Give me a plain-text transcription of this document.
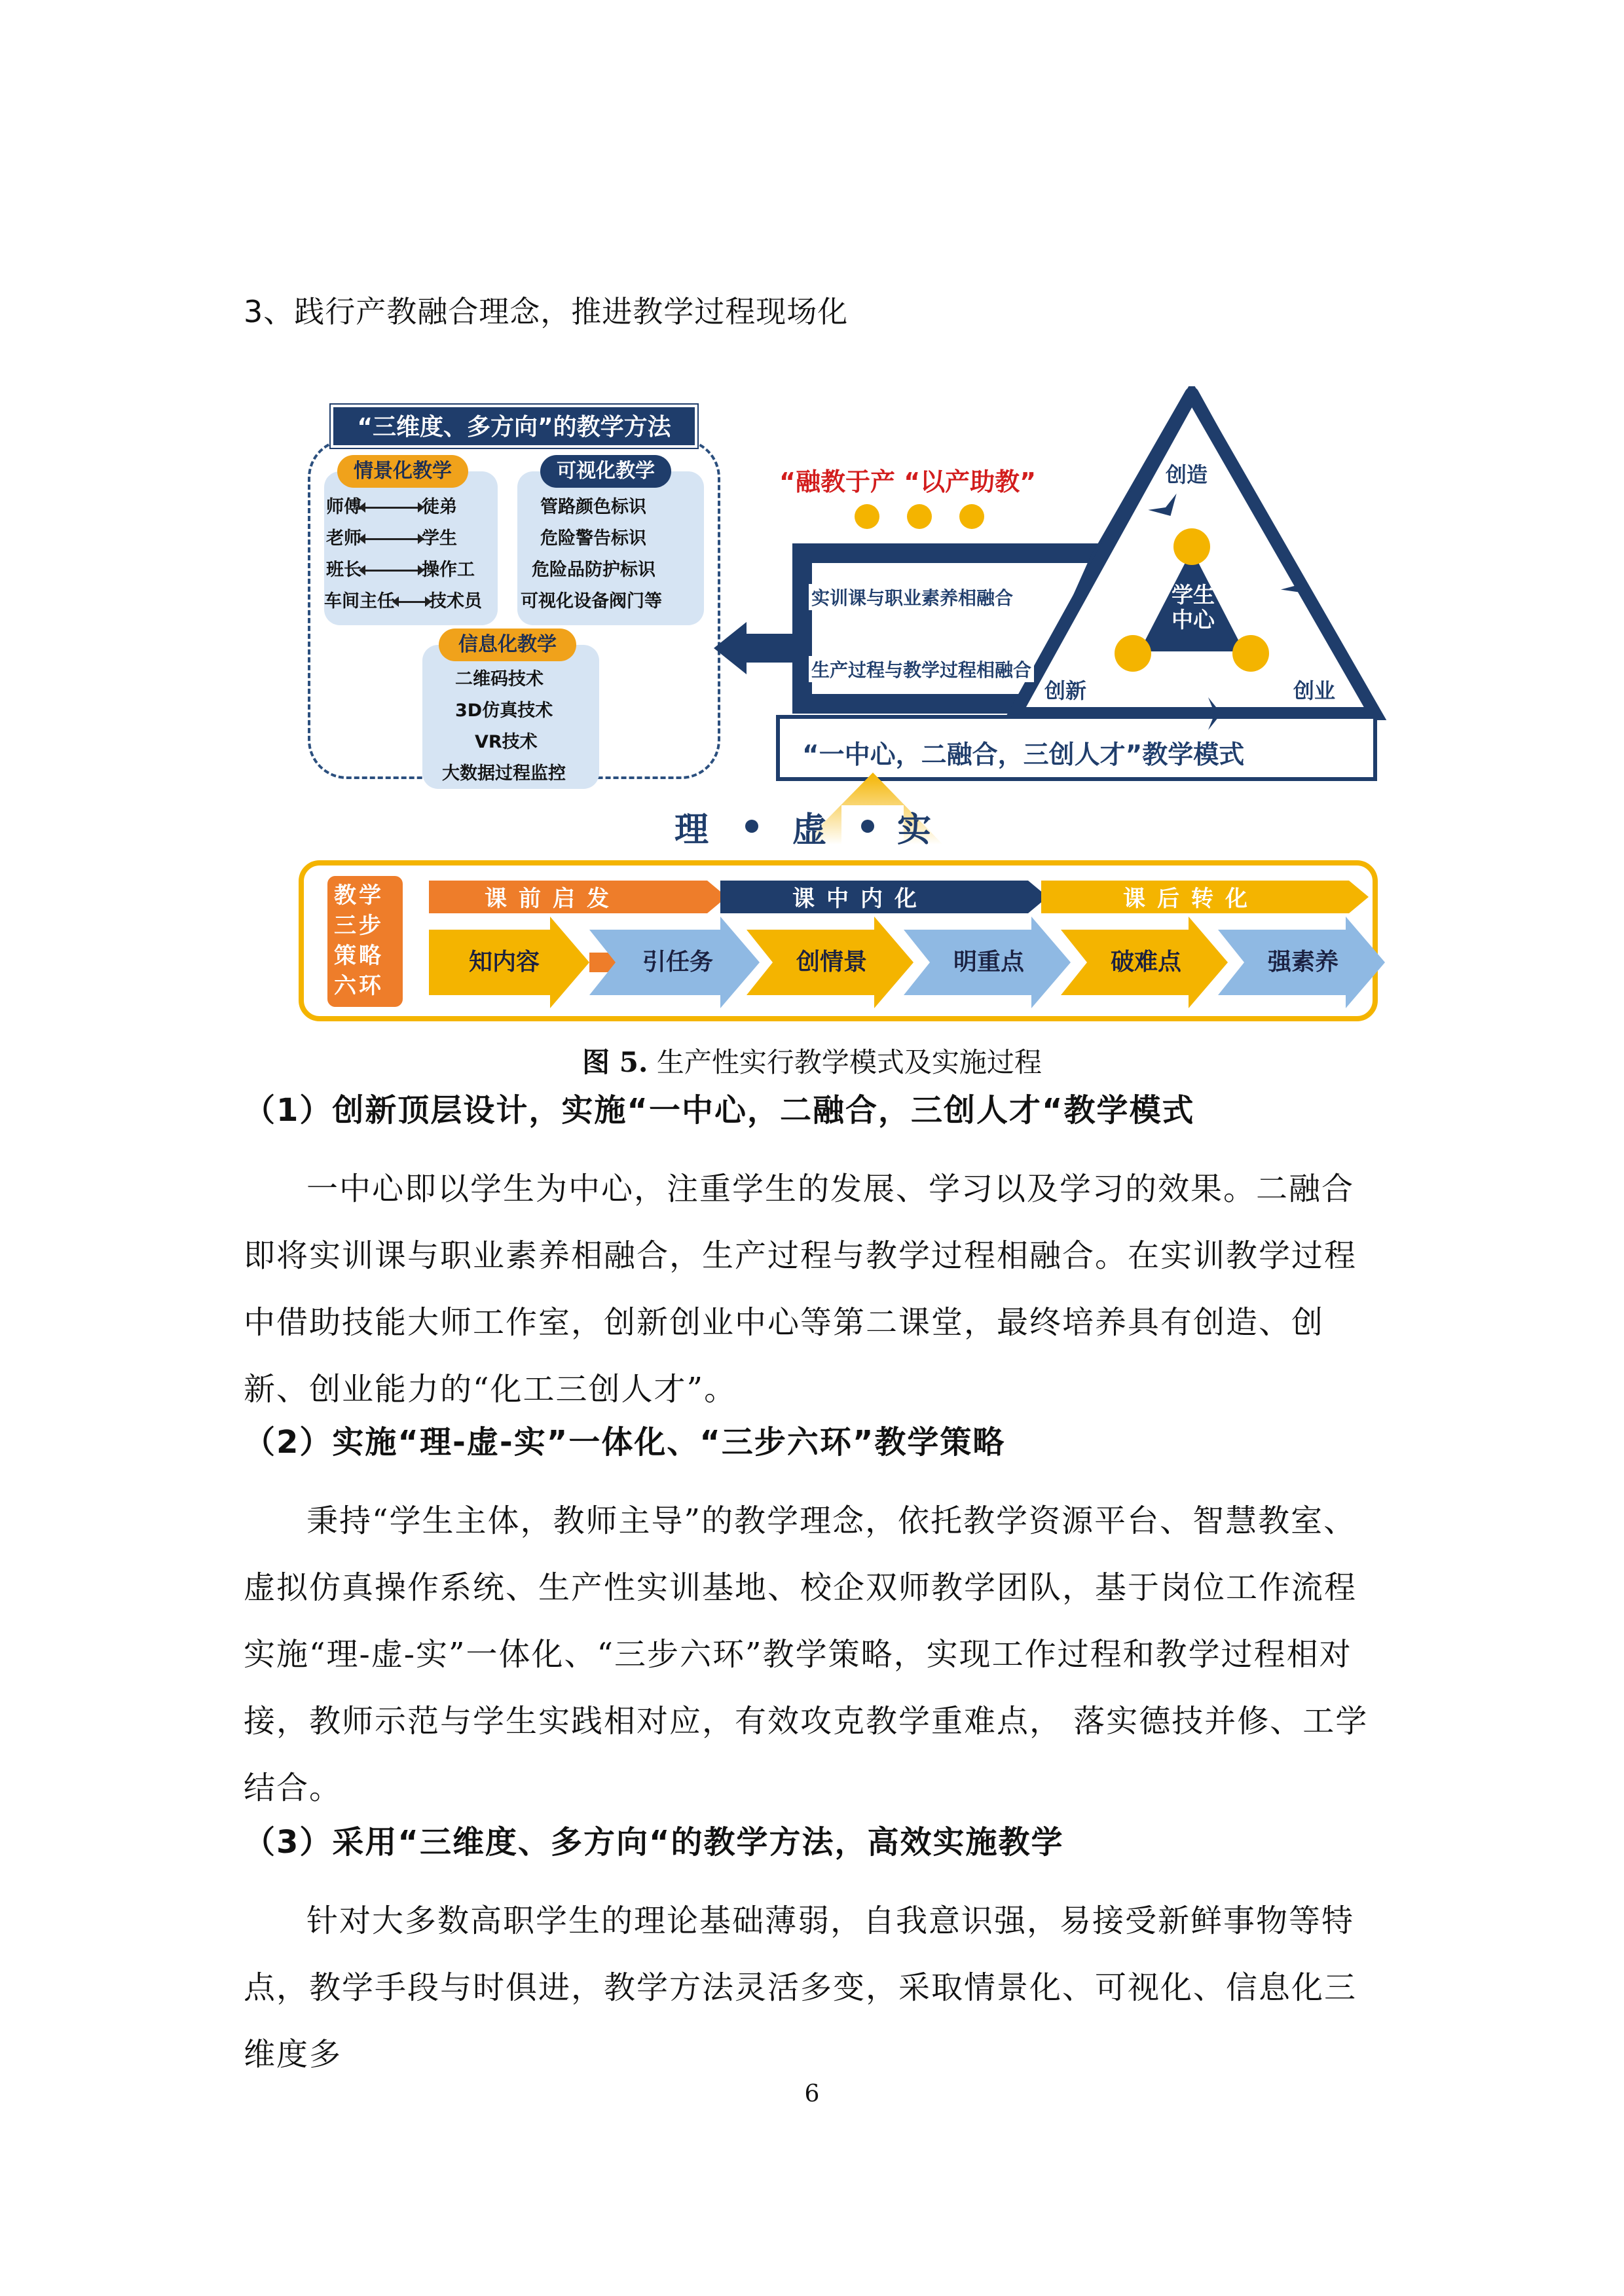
3、践行产教融合理念，推进教学过程现场化
“三维度、多方向”的教学方法
情景化教学
师傅	徒弟
老师	学生
班长	操作工
车间主任 技术员
可视化教学
管路颜色标识
危险警告标识
危险品防护标识
可视化设备阀门等
信息化教学
二维码技术
3D仿真技术
VR技术
大数据过程监控
“融教于产 “以产助教”
实训课与职业素养相融合
生产过程与教学过程相融合
创造
创新	创业
学生中心
“一中心，二融合，三创人才”教学模式
理 虚 实
教学三步策略六环
课前启发	课中内化	课后转化
知内容	引任务	创情景	明重点	破难点	强素养
图 5. 生产性实行教学模式及实施过程
（1）创新顶层设计，实施“一中心，二融合，三创人才“教学模式
一中心即以学生为中心，注重学生的发展、学习以及学习的效果。二融合即将实训课与职业素养相融合，生产过程与教学过程相融合。在实训教学过程中借助技能大师工作室，创新创业中心等第二课堂，最终培养具有创造、创新、创业能力的“化工三创人才”。
（2）实施“理-虚-实”一体化、“三步六环”教学策略
秉持“学生主体，教师主导”的教学理念，依托教学资源平台、智慧教室、虚拟仿真操作系统、生产性实训基地、校企双师教学团队，基于岗位工作流程实施“理-虚-实”一体化、“三步六环”教学策略，实现工作过程和教学过程相对接，教师示范与学生实践相对应，有效攻克教学重难点， 落实德技并修、工学结合。
（3）采用“三维度、多方向“的教学方法，高效实施教学
针对大多数高职学生的理论基础薄弱，自我意识强，易接受新鲜事物等特点，教学手段与时俱进，教学方法灵活多变，采取情景化、可视化、信息化三维度多
6
